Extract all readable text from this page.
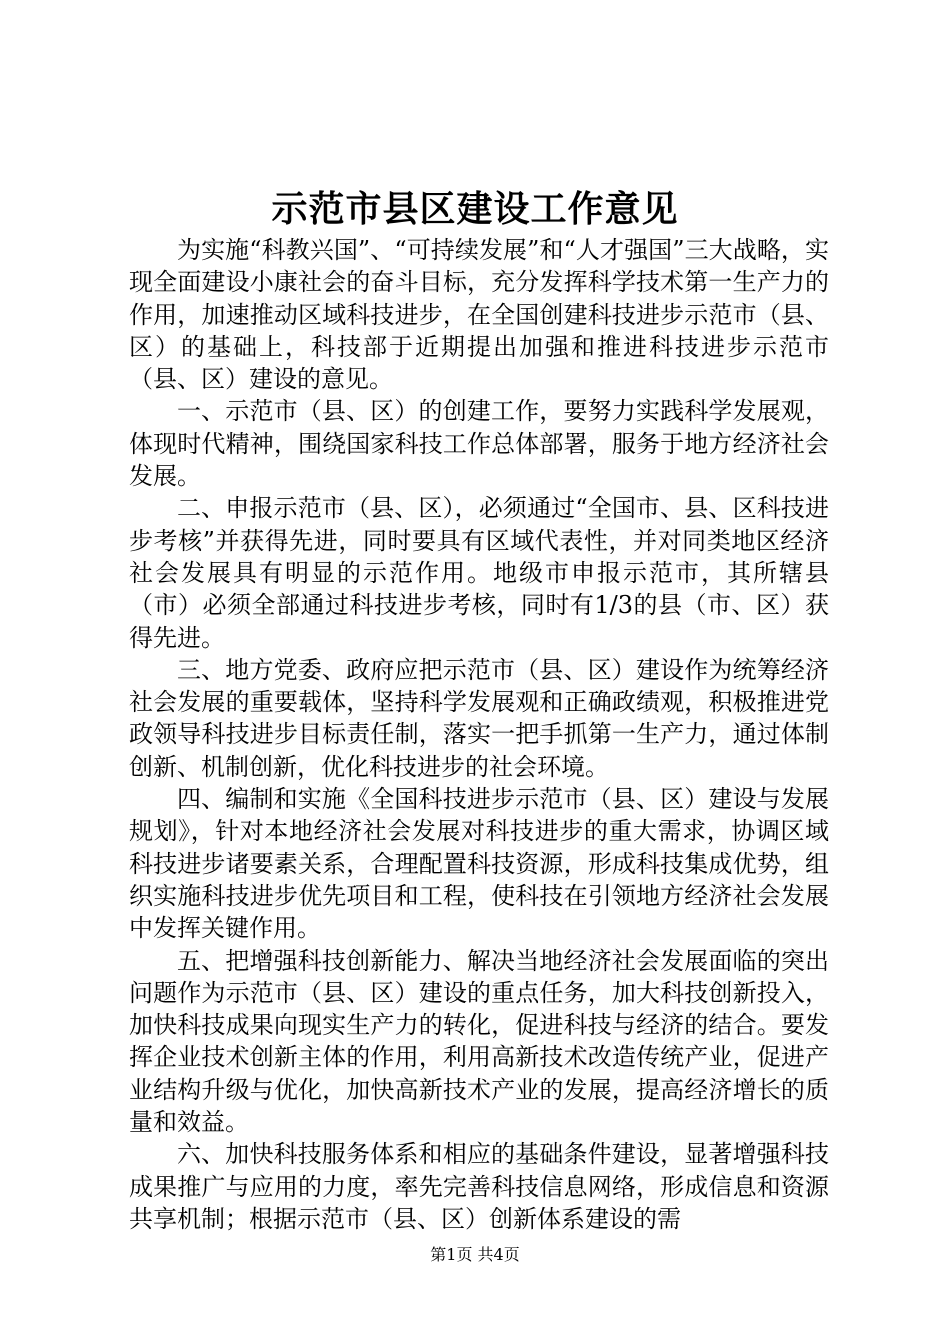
示范市县区建设工作意见

为实施“科教兴国”、“可持续发展”和“人才强国”三大战略，实现全面建设小康社会的奋斗目标，充分发挥科学技术第一生产力的作用，加速推动区域科技进步，在全国创建科技进步示范市（县、区）的基础上，科技部于近期提出加强和推进科技进步示范市（县、区）建设的意见。

一、示范市（县、区）的创建工作，要努力实践科学发展观，体现时代精神，围绕国家科技工作总体部署，服务于地方经济社会发展。

二、申报示范市（县、区），必须通过“全国市、县、区科技进步考核”并获得先进，同时要具有区域代表性，并对同类地区经济社会发展具有明显的示范作用。地级市申报示范市，其所辖县（市）必须全部通过科技进步考核，同时有1/3的县（市、区）获得先进。

三、地方党委、政府应把示范市（县、区）建设作为统筹经济社会发展的重要载体，坚持科学发展观和正确政绩观，积极推进党政领导科技进步目标责任制，落实一把手抓第一生产力，通过体制创新、机制创新，优化科技进步的社会环境。

四、编制和实施《全国科技进步示范市（县、区）建设与发展规划》，针对本地经济社会发展对科技进步的重大需求，协调区域科技进步诸要素关系，合理配置科技资源，形成科技集成优势，组织实施科技进步优先项目和工程，使科技在引领地方经济社会发展中发挥关键作用。

五、把增强科技创新能力、解决当地经济社会发展面临的突出问题作为示范市（县、区）建设的重点任务，加大科技创新投入，加快科技成果向现实生产力的转化，促进科技与经济的结合。要发挥企业技术创新主体的作用，利用高新技术改造传统产业，促进产业结构升级与优化，加快高新技术产业的发展，提高经济增长的质量和效益。

六、加快科技服务体系和相应的基础条件建设，显著增强科技成果推广与应用的力度，率先完善科技信息网络，形成信息和资源共享机制；根据示范市（县、区）创新体系建设的需

第1页 共4页
